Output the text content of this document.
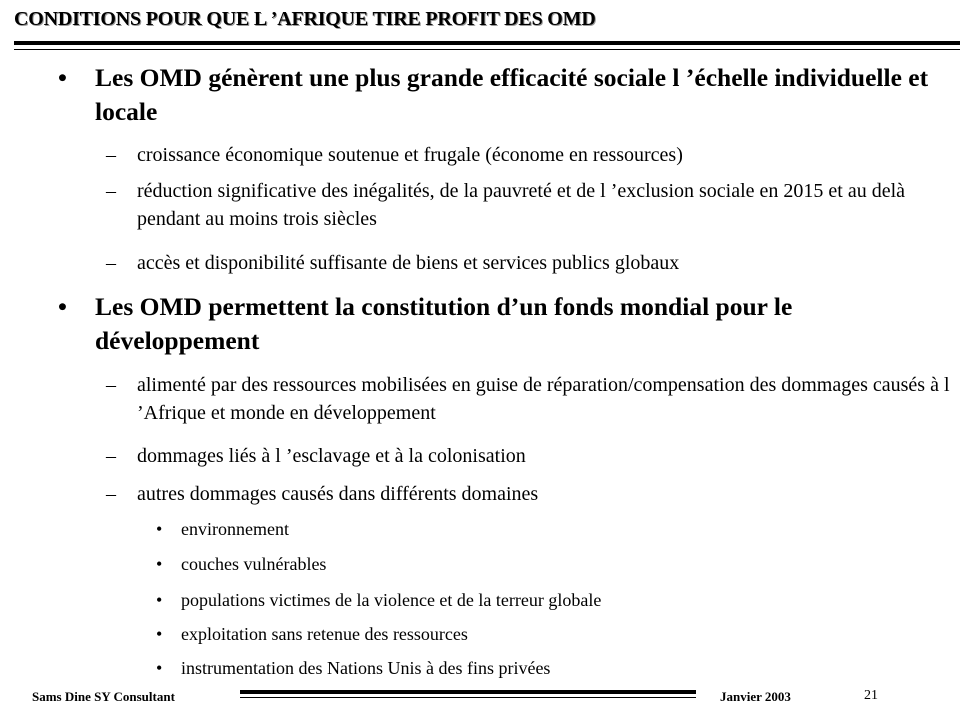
CONDITIONS POUR QUE L ’AFRIQUE TIRE PROFIT DES OMD
• Les OMD génèrent une plus grande efficacité sociale l ’échelle individuelle et locale
– croissance économique soutenue et frugale (économe en ressources)
– réduction significative des inégalités, de la pauvreté et de l ’exclusion sociale en 2015 et au delà pendant au moins trois siècles
– accès et disponibilité suffisante de biens et services publics globaux
• Les OMD permettent la constitution d’un fonds mondial pour le développement
– alimenté par des ressources mobilisées en guise de réparation/compensation des dommages causés à l ’Afrique et monde en développement
– dommages liés à l ’esclavage et à la colonisation
– autres dommages causés dans différents domaines
• environnement
• couches vulnérables
• populations victimes de la violence et de la terreur globale
• exploitation sans retenue des ressources
• instrumentation des Nations Unis à des fins privées
Sams Dine SY Consultant	Janvier 2003	21
